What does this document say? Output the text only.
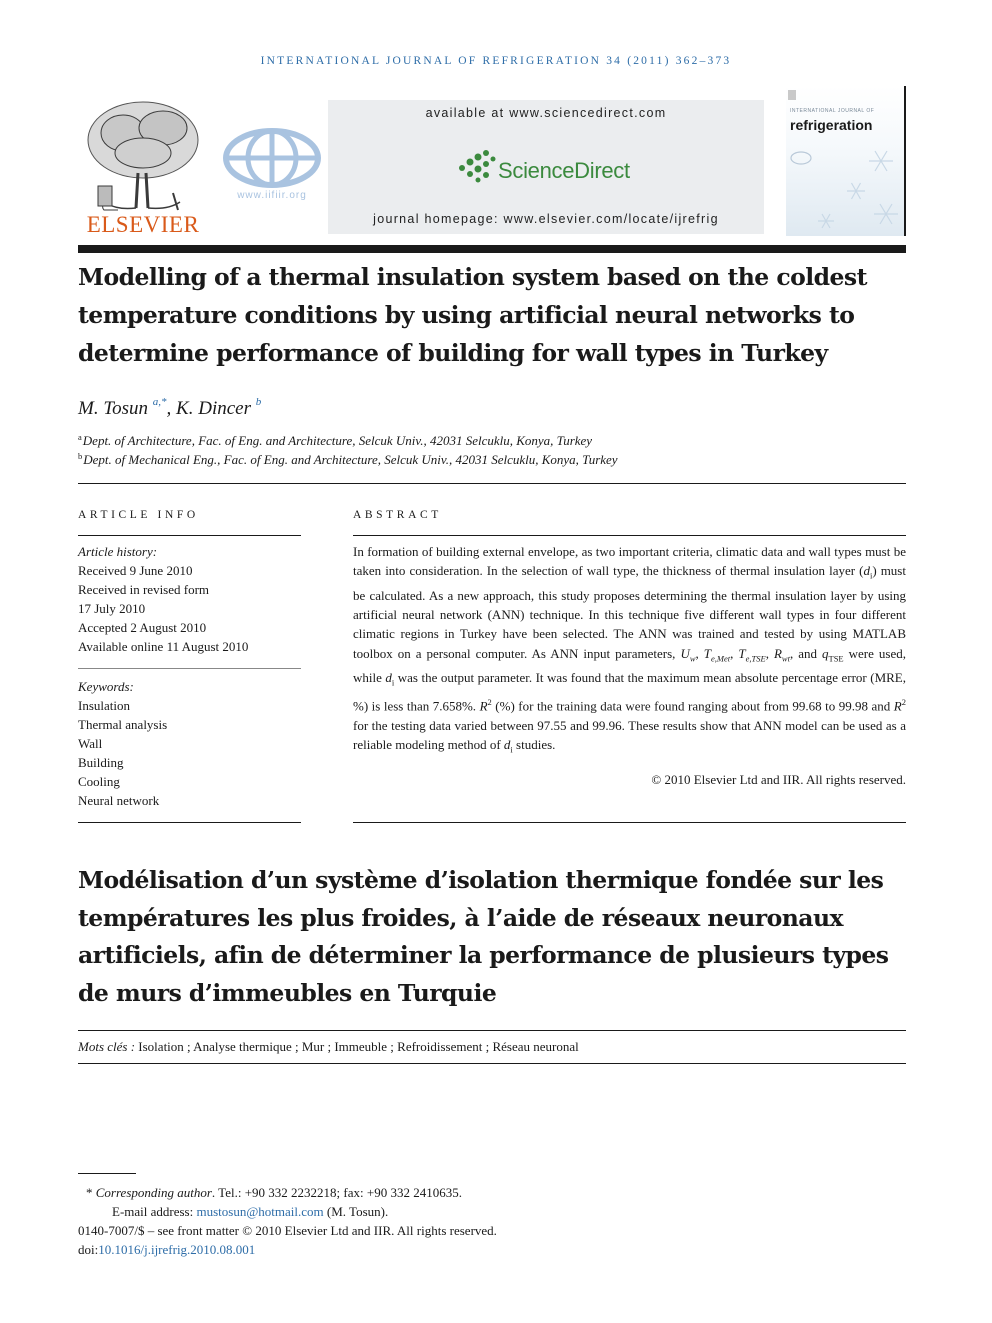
INTERNATIONAL JOURNAL OF REFRIGERATION 34 (2011) 362–373
ELSEVIER
www.iifiir.org
available at www.sciencedirect.com
ScienceDirect
journal homepage: www.elsevier.com/locate/ijrefrig
INTERNATIONAL JOURNAL OF
refrigeration
Modelling of a thermal insulation system based on the coldest temperature conditions by using artificial neural networks to determine performance of building for wall types in Turkey
M. Tosun $^{a,*}$, K. Dincer $^b$
$^a$Dept. of Architecture, Fac. of Eng. and Architecture, Selcuk Univ., 42031 Selcuklu, Konya, Turkey
$^b$Dept. of Mechanical Eng., Fac. of Eng. and Architecture, Selcuk Univ., 42031 Selcuklu, Konya, Turkey
ARTICLE INFO
Article history:
Received 9 June 2010
Received in revised form
17 July 2010
Accepted 2 August 2010
Available online 11 August 2010
Keywords:
Insulation
Thermal analysis
Wall
Building
Cooling
Neural network
ABSTRACT
In formation of building external envelope, as two important criteria, climatic data and wall types must be taken into consideration. In the selection of wall type, the thickness of thermal insulation layer $(d_i)$ must be calculated. As a new approach, this study proposes determining the thermal insulation layer by using artificial neural network (ANN) technique. In this technique five different wall types in four different climatic regions in Turkey have been selected. The ANN was trained and tested by using MATLAB toolbox on a personal computer. As ANN input parameters, $U_w$, $T_{e,Met}$, $T_{e,TSE}$, $R_{wt}$, and $q_{TSE}$ were used, while $d_i$ was the output parameter. It was found that the maximum mean absolute percentage error (MRE, %) is less than 7.658%. $R^2$ (%) for the training data were found ranging about from 99.68 to 99.98 and $R^2$ for the testing data varied between 97.55 and 99.96. These results show that ANN model can be used as a reliable modeling method of $d_i$ studies.
© 2010 Elsevier Ltd and IIR. All rights reserved.
Modélisation d’un système d’isolation thermique fondée sur les températures les plus froides, à l’aide de réseaux neuronaux artificiels, afin de déterminer la performance de plusieurs types de murs d’immeubles en Turquie
Mots clés : Isolation ; Analyse thermique ; Mur ; Immeuble ; Refroidissement ; Réseau neuronal
* Corresponding author. Tel.: +90 332 2232218; fax: +90 332 2410635.
E-mail address: mustosun@hotmail.com (M. Tosun).
0140-7007/$ – see front matter © 2010 Elsevier Ltd and IIR. All rights reserved.
doi:10.1016/j.ijrefrig.2010.08.001
